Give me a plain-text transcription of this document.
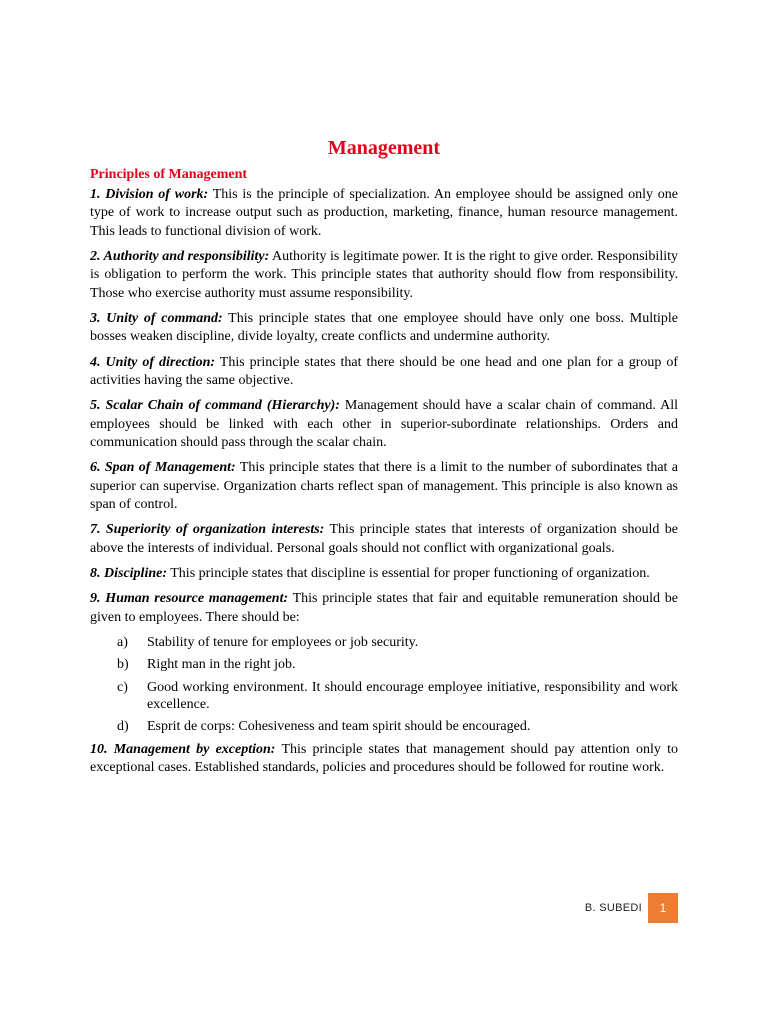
Management
Principles of Management

1. Division of work: This is the principle of specialization. An employee should be assigned only one type of work to increase output such as production, marketing, finance, human resource management. This leads to functional division of work.

2. Authority and responsibility: Authority is legitimate power. It is the right to give order. Responsibility is obligation to perform the work. This principle states that authority should flow from responsibility. Those who exercise authority must assume responsibility.

3. Unity of command: This principle states that one employee should have only one boss. Multiple bosses weaken discipline, divide loyalty, create conflicts and undermine authority.

4. Unity of direction: This principle states that there should be one head and one plan for a group of activities having the same objective.

5. Scalar Chain of command (Hierarchy): Management should have a scalar chain of command. All employees should be linked with each other in superior-subordinate relationships. Orders and communication should pass through the scalar chain.

6. Span of Management: This principle states that there is a limit to the number of subordinates that a superior can supervise. Organization charts reflect span of management. This principle is also known as span of control.

7. Superiority of organization interests: This principle states that interests of organization should be above the interests of individual. Personal goals should not conflict with organizational goals.

8. Discipline: This principle states that discipline is essential for proper functioning of organization.

9. Human resource management: This principle states that fair and equitable remuneration should be given to employees. There should be:

a)	Stability of tenure for employees or job security.
b)	Right man in the right job.
c)	Good working environment. It should encourage employee initiative, responsibility and work excellence.
d)	Esprit de corps: Cohesiveness and team spirit should be encouraged.

10. Management by exception: This principle states that management should pay attention only to exceptional cases. Established standards, policies and procedures should be followed for routine work.

B. SUBEDI	1
